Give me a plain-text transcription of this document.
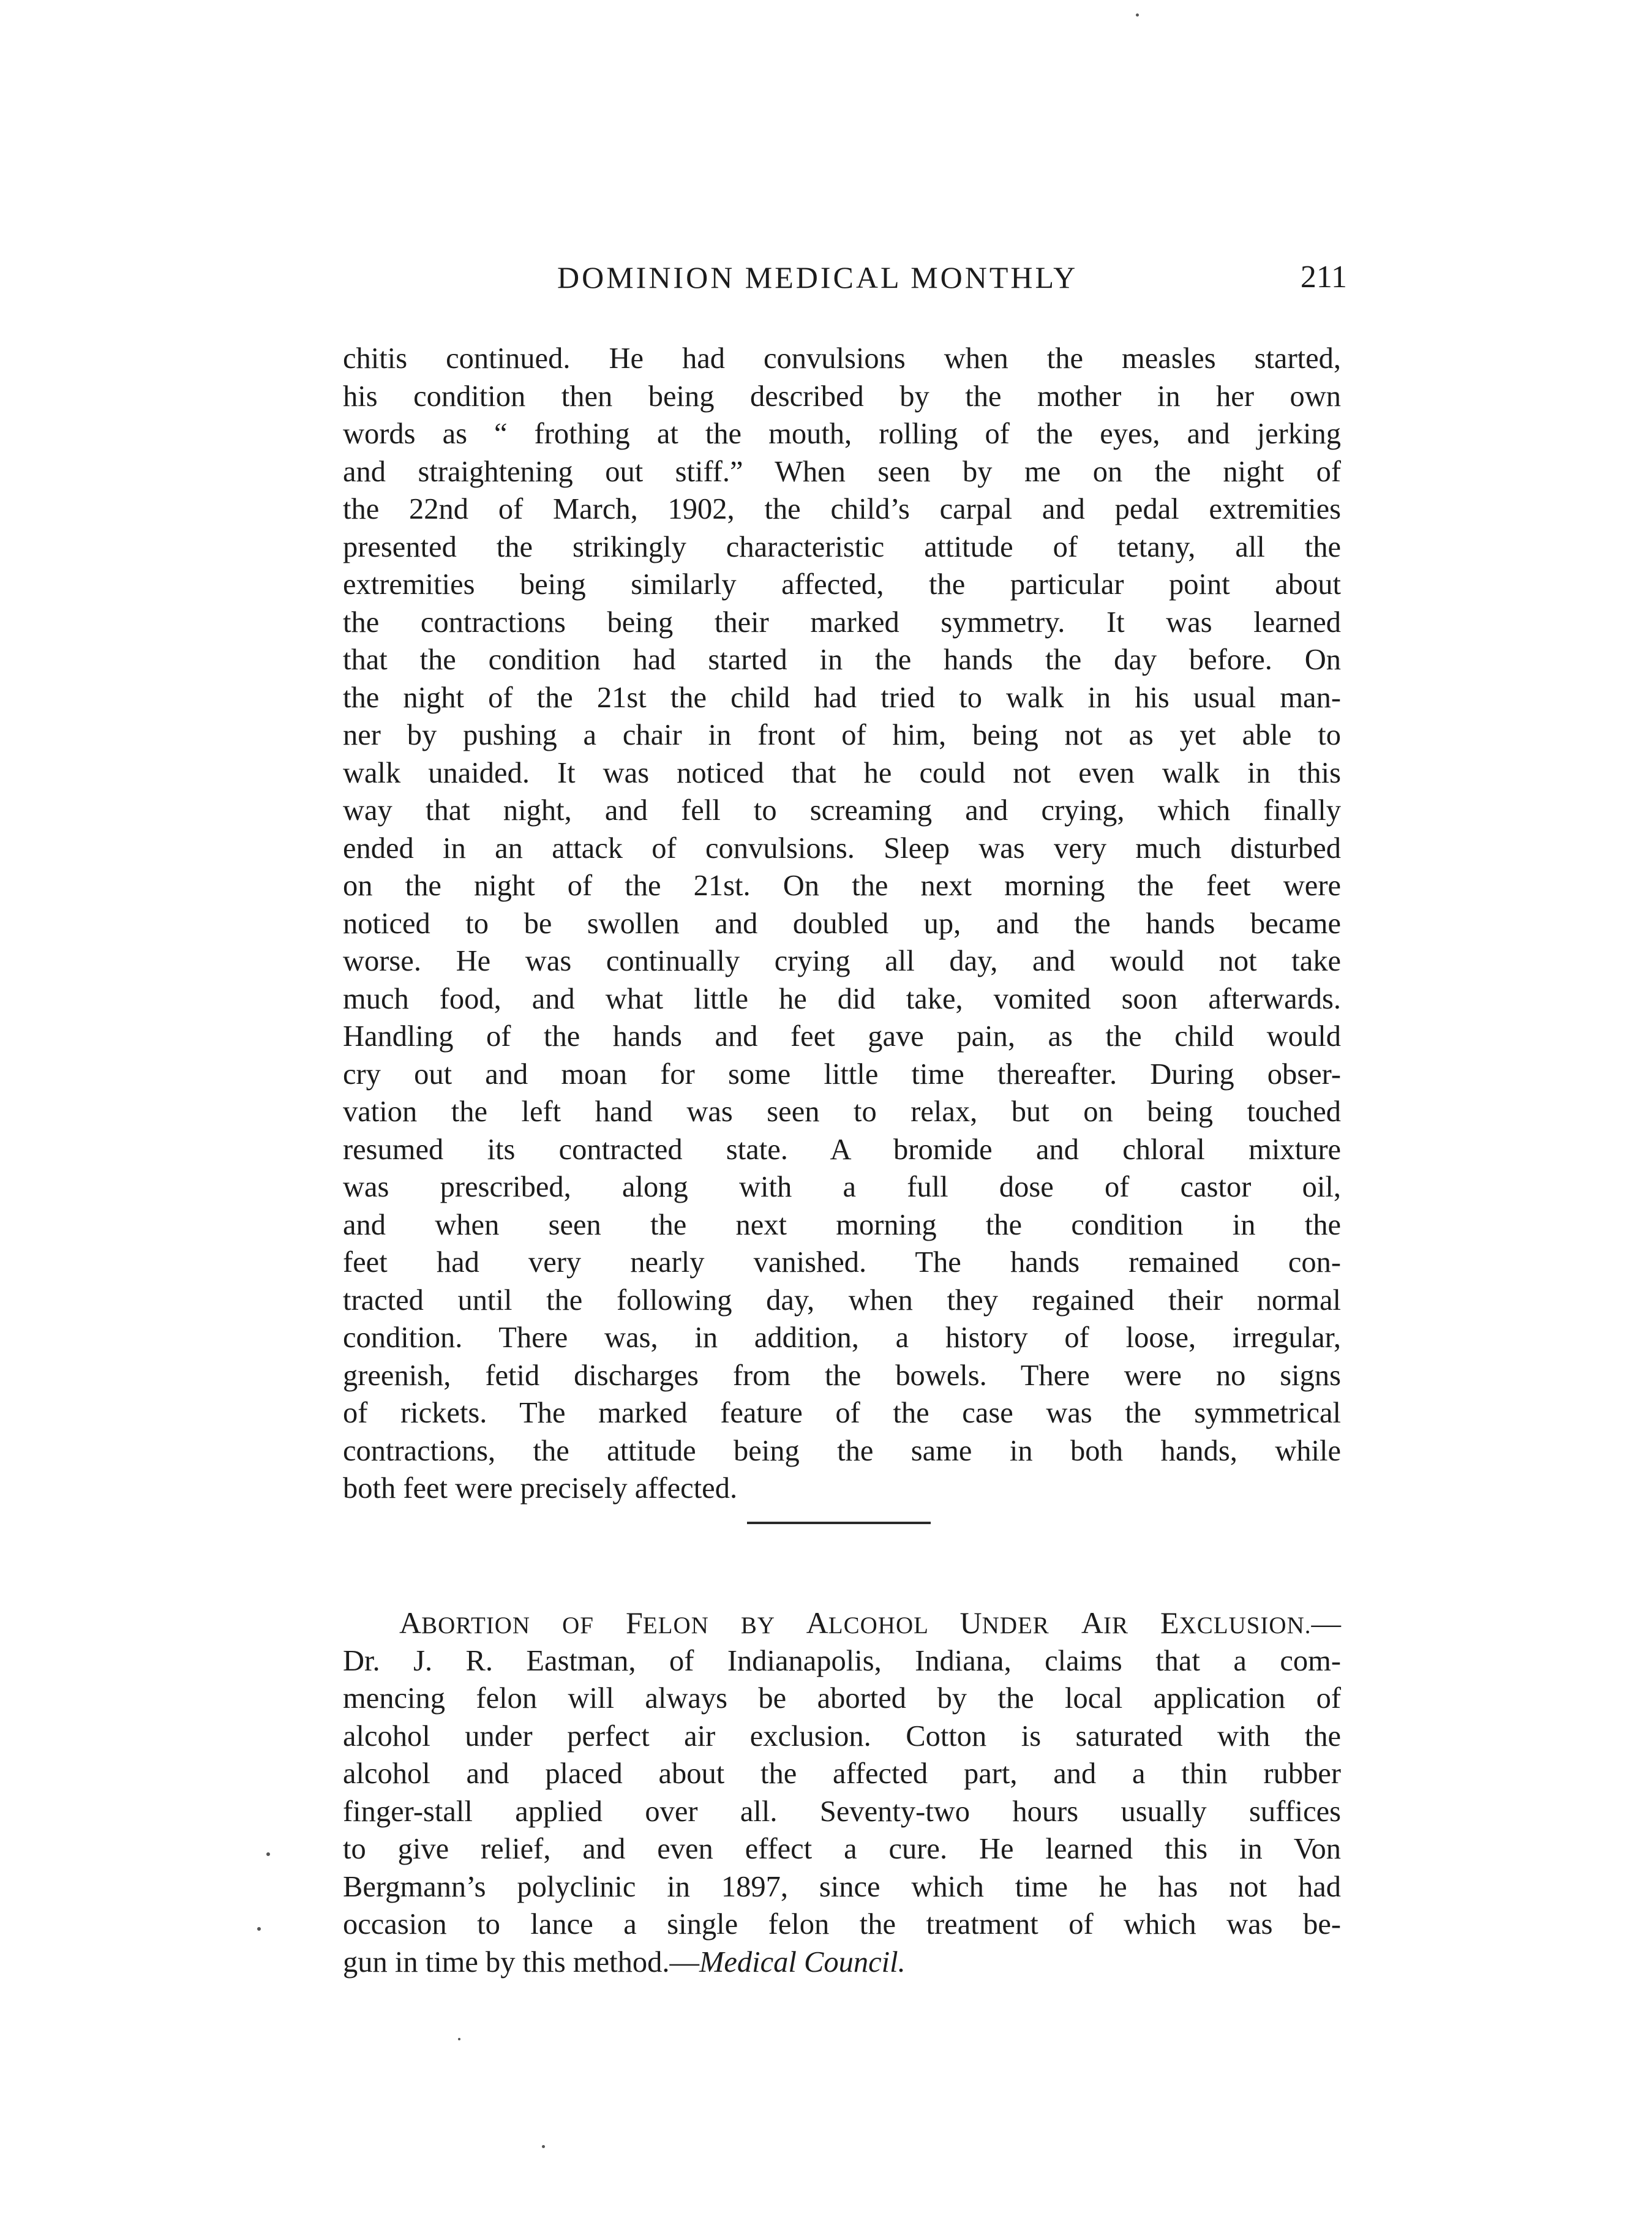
DOMINION MEDICAL MONTHLY	211
chitis continued. He had convulsions when the measles started,
his condition then being described by the mother in her own
words as “ frothing at the mouth, rolling of the eyes, and jerking
and straightening out stiff.” When seen by me on the night of
the 22nd of March, 1902, the child’s carpal and pedal extremities
presented the strikingly characteristic attitude of tetany, all the
extremities being similarly affected, the particular point about
the contractions being their marked symmetry. It was learned
that the condition had started in the hands the day before. On
the night of the 21st the child had tried to walk in his usual man-
ner by pushing a chair in front of him, being not as yet able to
walk unaided. It was noticed that he could not even walk in this
way that night, and fell to screaming and crying, which finally
ended in an attack of convulsions. Sleep was very much disturbed
on the night of the 21st. On the next morning the feet were
noticed to be swollen and doubled up, and the hands became
worse. He was continually crying all day, and would not take
much food, and what little he did take, vomited soon afterwards.
Handling of the hands and feet gave pain, as the child would
cry out and moan for some little time thereafter. During obser-
vation the left hand was seen to relax, but on being touched
resumed its contracted state. A bromide and chloral mixture
was prescribed, along with a full dose of castor oil,
and when seen the next morning the condition in the
feet had very nearly vanished. The hands remained con-
tracted until the following day, when they regained their normal
condition. There was, in addition, a history of loose, irregular,
greenish, fetid discharges from the bowels. There were no signs
of rickets. The marked feature of the case was the symmetrical
contractions, the attitude being the same in both hands, while
both feet were precisely affected.
ABORTION OF FELON BY ALCOHOL UNDER AIR EXCLUSION.—
Dr. J. R. Eastman, of Indianapolis, Indiana, claims that a com-
mencing felon will always be aborted by the local application of
alcohol under perfect air exclusion. Cotton is saturated with the
alcohol and placed about the affected part, and a thin rubber
finger-stall applied over all. Seventy-two hours usually suffices
to give relief, and even effect a cure. He learned this in Von
Bergmann’s polyclinic in 1897, since which time he has not had
occasion to lance a single felon the treatment of which was be-
gun in time by this method.—Medical Council.
